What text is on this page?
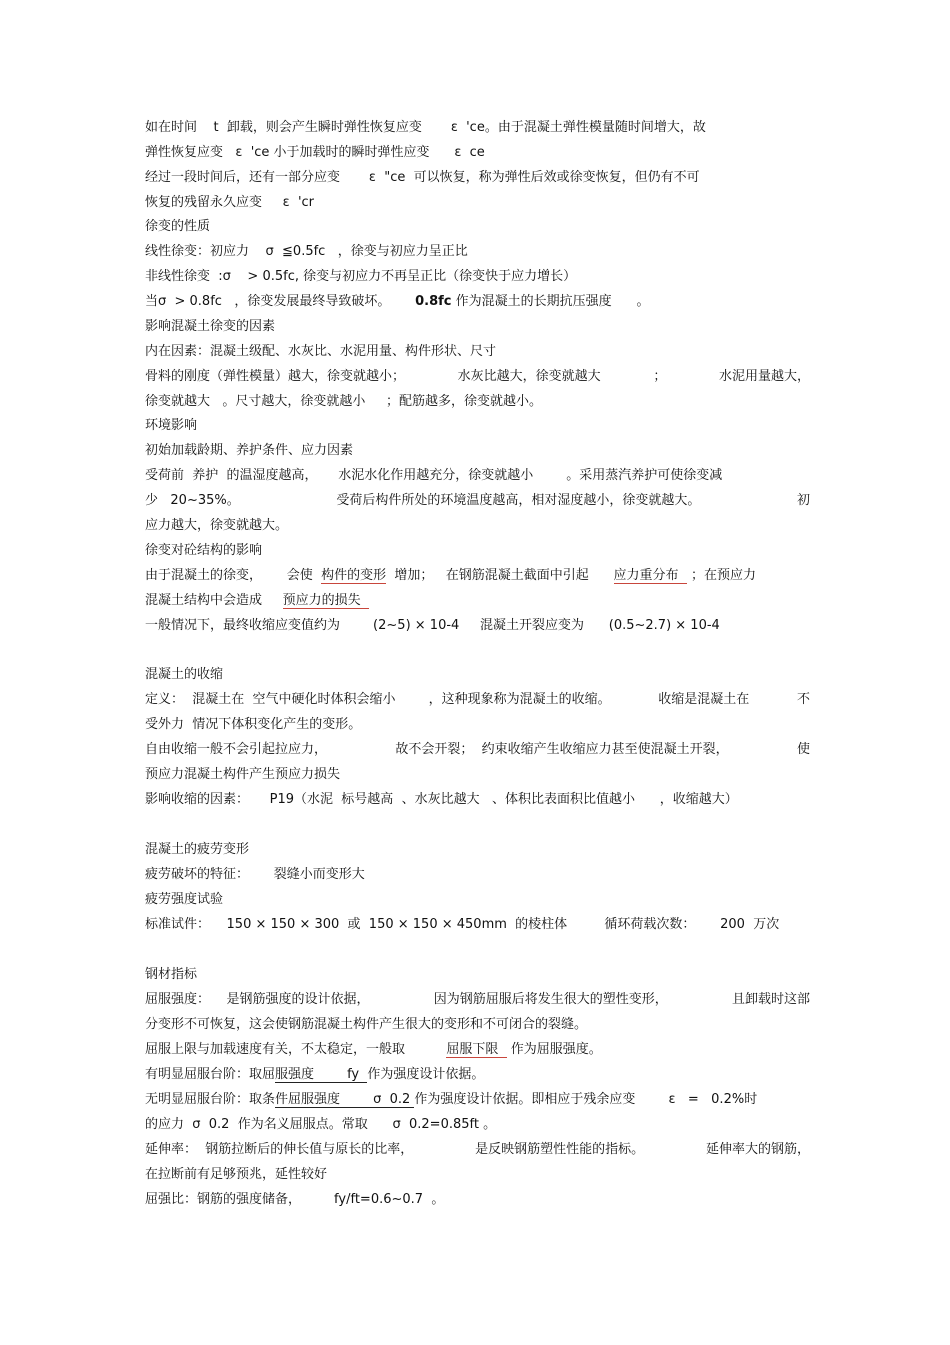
如在时间    t  卸载，则会产生瞬时弹性恢复应变       ε  'ce。由于混凝土弹性模量随时间增大，故
弹性恢复应变   ε  'ce 小于加载时的瞬时弹性应变      ε  ce
经过一段时间后，还有一部分应变       ε  "ce  可以恢复，称为弹性后效或徐变恢复，但仍有不可
恢复的残留永久应变     ε  'cr
徐变的性质
线性徐变：初应力    σ  ≦0.5fc   ，徐变与初应力呈正比
非线性徐变  :σ    > 0.5fc, 徐变与初应力不再呈正比（徐变快于应力增长）
当σ  > 0.8fc   ，徐变发展最终导致破坏。      0.8fc 作为混凝土的长期抗压强度      。
影响混凝土徐变的因素
内在因素：混凝土级配、水灰比、水泥用量、构件形状、尺寸
骨料的刚度（弹性模量）越大，徐变就越小；	水灰比越大，徐变就越大	；	水泥用量越大，
徐变就越大   。尺寸越大，徐变就越小     ；配筋越多，徐变就越小。
环境影响
初始加载龄期、养护条件、应力因素
受荷前  养护  的温湿度越高，     水泥水化作用越充分，徐变就越小        。采用蒸汽养护可使徐变减
少   20~35%。	受荷后构件所处的环境温度越高，相对湿度越小，徐变就越大。	初
应力越大，徐变就越大。
徐变对砼结构的影响
由于混凝土的徐变，      会使  构件的变形  增加；   在钢筋混凝土截面中引起      应力重分布   ；在预应力
混凝土结构中会造成     预应力的损失
一般情况下，最终收缩应变值约为        (2~5) × 10-4     混凝土开裂应变为      (0.5~2.7) × 10-4
混凝土的收缩
定义：  混凝土在  空气中硬化时体积会缩小        ，这种现象称为混凝土的收缩。	收缩是混凝土在	不
受外力  情况下体积变化产生的变形。
自由收缩一般不会引起拉应力，	故不会开裂；  约束收缩产生收缩应力甚至使混凝土开裂，	使
预应力混凝土构件产生预应力损失
影响收缩的因素：     P19（水泥  标号越高  、水灰比越大   、体积比表面积比值越小      ，收缩越大）
混凝土的疲劳变形
疲劳破坏的特征：      裂缝小而变形大
疲劳强度试验
标准试件：    150 × 150 × 300  或  150 × 150 × 450mm  的棱柱体         循环荷载次数：      200  万次
钢材指标
屈服强度：    是钢筋强度的设计依据，	因为钢筋屈服后将发生很大的塑性变形，	且卸载时这部
分变形不可恢复，这会使钢筋混凝土构件产生很大的变形和不可闭合的裂缝。
屈服上限与加载速度有关，不太稳定，一般取          屈服下限   作为屈服强度。
有明显屈服台阶：取屈服强度        fy  作为强度设计依据。
无明显屈服台阶：取条件屈服强度        σ  0.2 作为强度设计依据。即相应于残余应变        ε   =   0.2%时
的应力  σ  0.2  作为名义屈服点。常取      σ  0.2=0.85ft 。
延伸率：  钢筋拉断后的伸长值与原长的比率，	是反映钢筋塑性性能的指标。	延伸率大的钢筋，
在拉断前有足够预兆，延性较好
屈强比：钢筋的强度储备，        fy/ft=0.6~0.7  。
